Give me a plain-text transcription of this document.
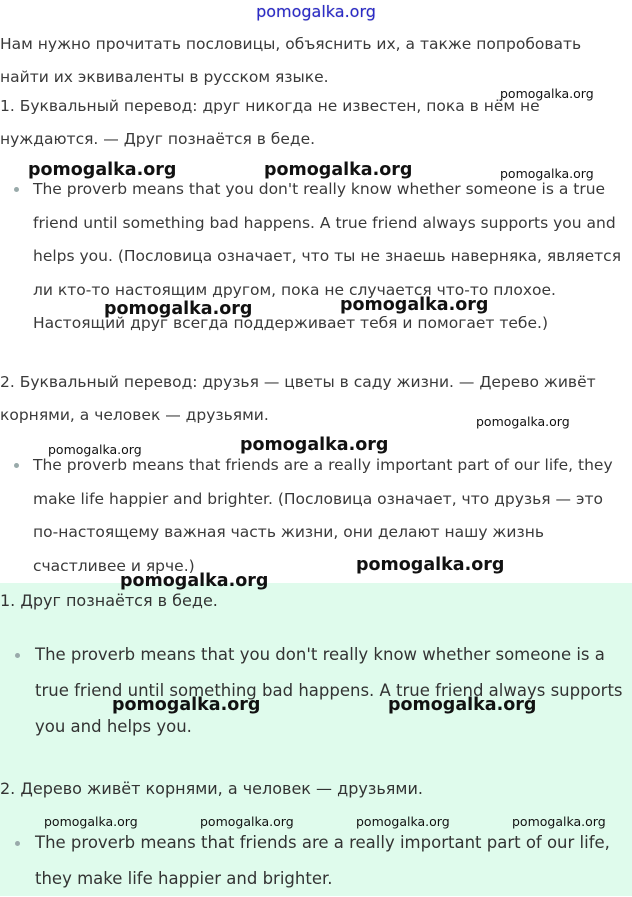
pomogalka.org

Нам нужно прочитать пословицы, объяснить их, а также попробовать найти их эквиваленты в русском языке.

1. Буквальный перевод: друг никогда не известен, пока в нём не нуждаются. — Друг познаётся в беде.

The proverb means that you don't really know whether someone is a true friend until something bad happens. A true friend always supports you and helps you. (Пословица означает, что ты не знаешь наверняка, является ли кто-то настоящим другом, пока не случается что-то плохое. Настоящий друг всегда поддерживает тебя и помогает тебе.)

2. Буквальный перевод: друзья — цветы в саду жизни. — Дерево живёт корнями, а человек — друзьями.

The proverb means that friends are a really important part of our life, they make life happier and brighter. (Пословица означает, что друзья — это по-настоящему важная часть жизни, они делают нашу жизнь счастливее и ярче.)
1. Друг познаётся в беде.
The proverb means that you don't really know whether someone is a true friend until something bad happens. A true friend always supports you and helps you.
2. Дерево живёт корнями, а человек — друзьями.
The proverb means that friends are a really important part of our life, they make life happier and brighter.
pomogalka.org
pomogalka.org	pomogalka.org	pomogalka.org
pomogalka.org	pomogalka.org
pomogalka.org
pomogalka.org
pomogalka.org
pomogalka.org
pomogalka.org
pomogalka.org	pomogalka.org
pomogalka.org	pomogalka.org	pomogalka.org	pomogalka.org
